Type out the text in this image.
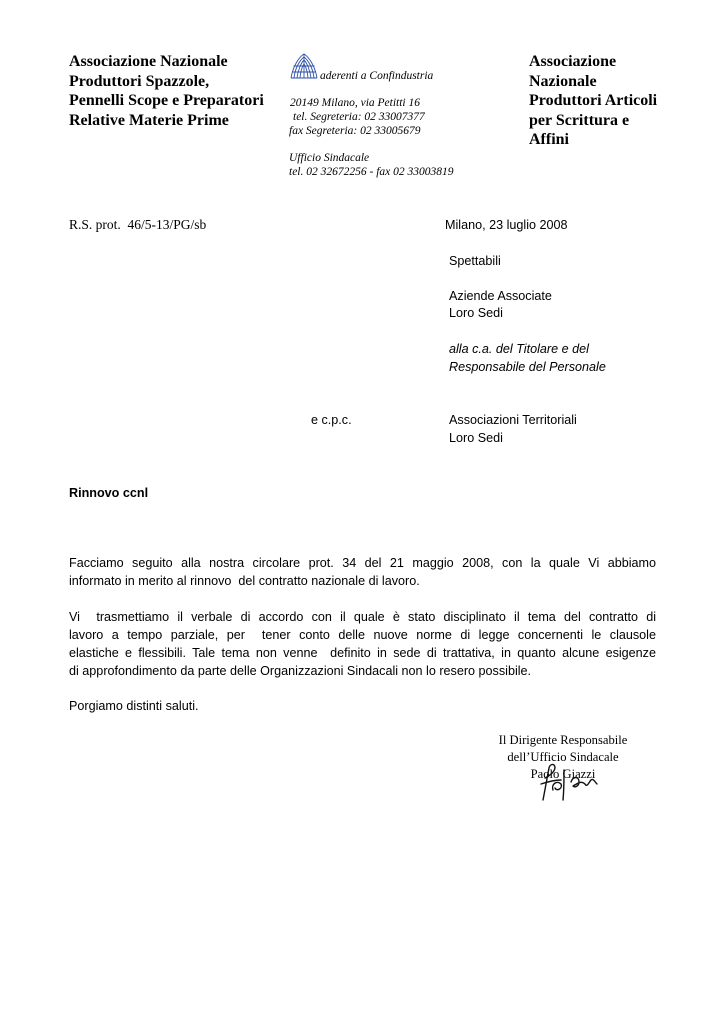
Associazione Nazionale
Produttori Spazzole,
Pennelli Scope e Preparatori
Relative Materie Prime
aderenti a Confindustria
20149 Milano, via Petitti 16
tel. Segreteria: 02 33007377
fax Segreteria: 02 33005679
Ufficio Sindacale
tel. 02 32672256 - fax 02 33003819
Associazione
Nazionale
Produttori Articoli
per Scrittura e
Affini
R.S. prot.  46/5-13/PG/sb	Milano, 23 luglio 2008
Spettabili
Aziende Associate
Loro Sedi
alla c.a. del Titolare e del
Responsabile del Personale
e c.p.c.	Associazioni Territoriali
Loro Sedi
Rinnovo ccnl
Facciamo seguito alla nostra circolare prot. 34 del 21 maggio 2008, con la quale Vi abbiamo
informato in merito al rinnovo  del contratto nazionale di lavoro.
Vi  trasmettiamo il verbale di accordo con il quale è stato disciplinato il tema del contratto di
lavoro a tempo parziale, per  tener conto delle nuove norme di legge concernenti le clausole
elastiche e flessibili. Tale tema non venne  definito in sede di trattativa, in quanto alcune esigenze
di approfondimento da parte delle Organizzazioni Sindacali non lo resero possibile.
Porgiamo distinti saluti.
Il Dirigente Responsabile
dell’Ufficio Sindacale
Paolo Giazzi
